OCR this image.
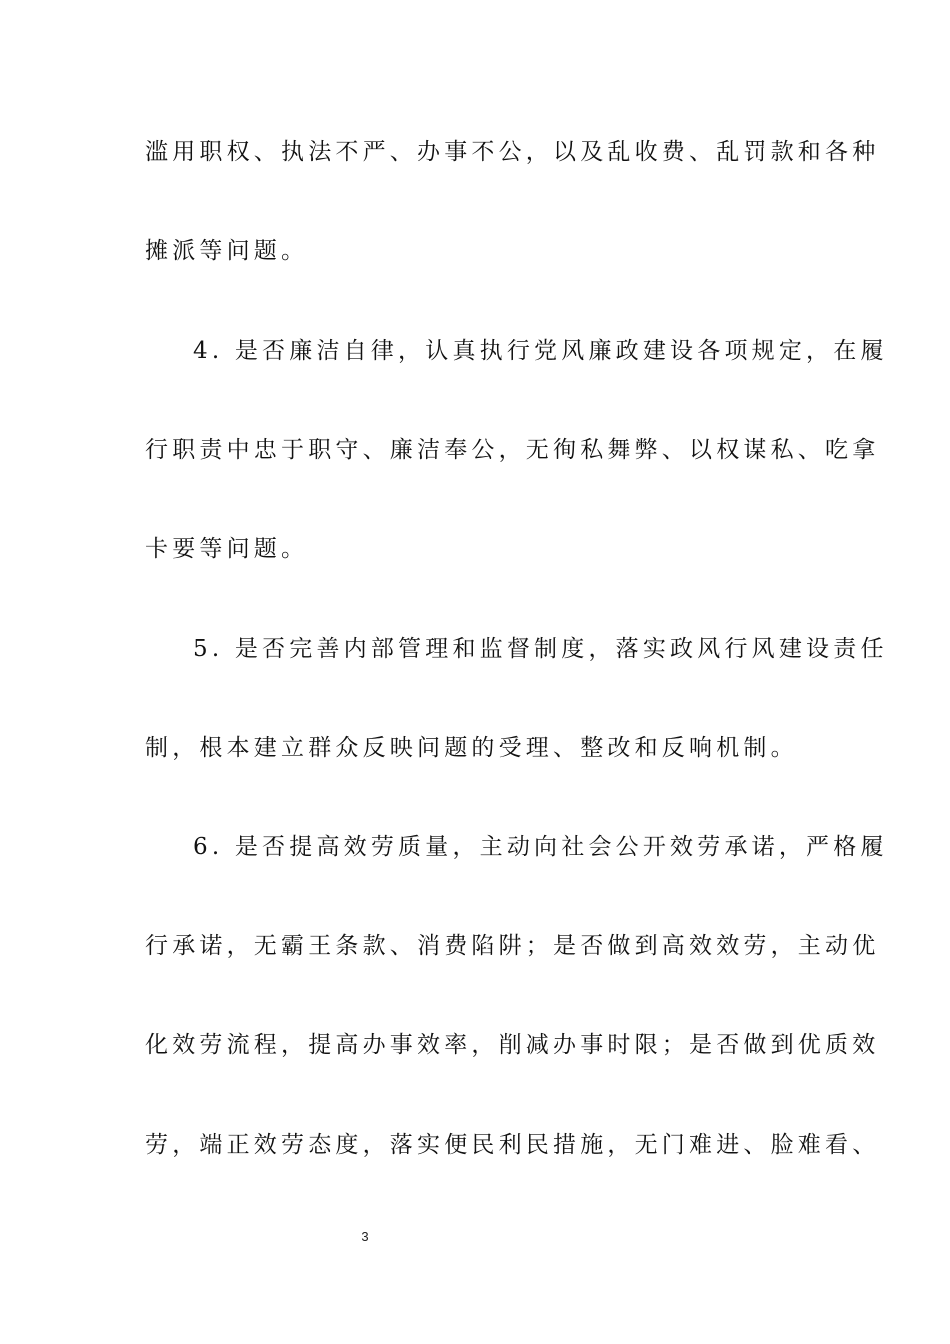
滥用职权、执法不严、办事不公，以及乱收费、乱罚款和各种
摊派等问题。
4. 是否廉洁自律，认真执行党风廉政建设各项规定，在履
行职责中忠于职守、廉洁奉公，无徇私舞弊、以权谋私、吃拿
卡要等问题。
5. 是否完善内部管理和监督制度，落实政风行风建设责任
制，根本建立群众反映问题的受理、整改和反响机制。
6. 是否提高效劳质量，主动向社会公开效劳承诺，严格履
行承诺，无霸王条款、消费陷阱；是否做到高效效劳，主动优
化效劳流程，提高办事效率，削减办事时限；是否做到优质效
劳，端正效劳态度，落实便民利民措施，无门难进、脸难看、
3
